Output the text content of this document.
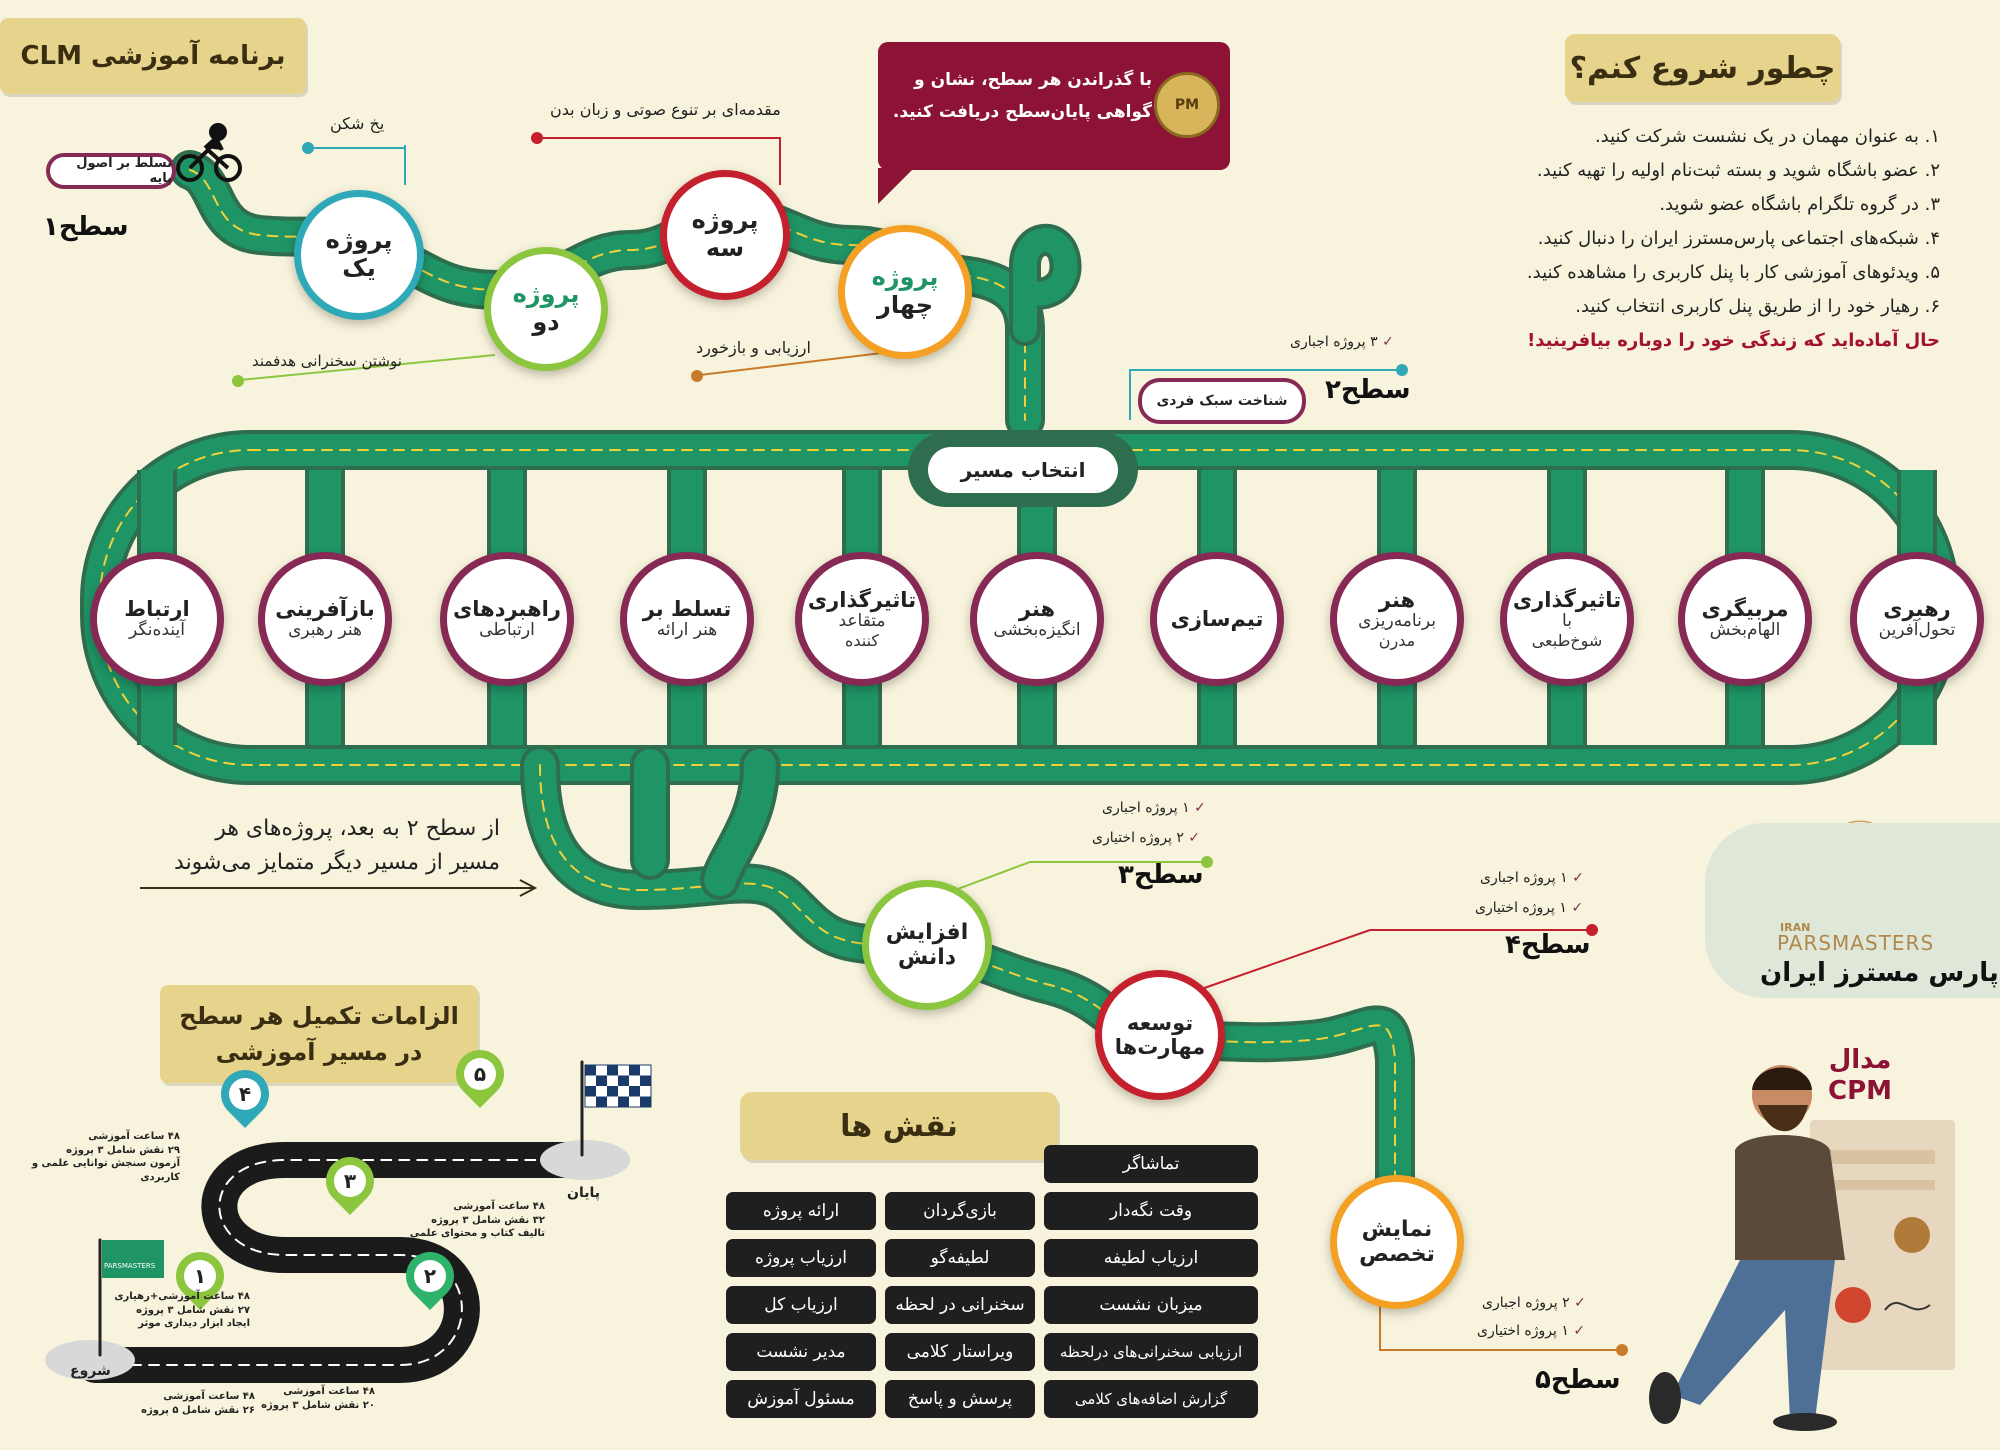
برنامه آموزشی CLM
تسلط بر اصول پایه
سطح۱	پروژه
یک
یخ شکن
پروژه
دو
نوشتن سخنرانی هدفمند
پروژه
سه
مقدمه‌ای بر تنوع صوتی و زبان بدن
پروژه
چهار
ارزیابی و بازخورد
با گذراندن هر سطح، نشان و
گواهی پایان‌سطح دریافت کنید. PM
✓ ۳ پروژه اجباری
شناخت سبک فردی	سطح۲
انتخاب مسیر
رهبری
تحول‌آفرین
مربیگری
الهام‌بخش
تاثیرگذاری
با
شوخ‌طبعی
هنر
برنامه‌ریزی
مدرن
تیم‌سازی
هنر
انگیزه‌بخشی
تاثیرگذاری
متقاعد
کننده
تسلط بر
هنر ارائه
راهبردهای
ارتباطی
بازآفرینی
هنر رهبری
ارتباط
آینده‌نگر
از سطح ۲ به بعد، پروژه‌های هر
مسیر از مسیر دیگر متمایز می‌شوند
✓ ۱ پروژه اجباری
✓ ۲ پروژه اختیاری
سطح۳
افزایش
دانش
✓ ۱ پروژه اجباری
✓ ۱ پروژه اختیاری
سطح۴
توسعه
مهارت‌ها
✓ ۲ پروژه اجباری
✓ ۱ پروژه اختیاری
سطح۵
نمایش
تخصص
چطور شروع کنم؟
۱. به عنوان مهمان در یک نشست شرکت کنید.
۲. عضو باشگاه شوید و بسته ثبت‌نام اولیه را تهیه کنید.
۳. در گروه تلگرام باشگاه عضو شوید.
۴. شبکه‌های اجتماعی پارس‌مسترز ایران را دنبال کنید.
۵. ویدئوهای آموزشی کار با پنل کاربری را مشاهده کنید.
۶. رهیار خود را از طریق پنل کاربری انتخاب کنید.
حال آماده‌اید که زندگی خود را دوباره بیافرینید!
IRAN
PARSMASTERS
پارس مسترز ایران
مدال
CPM
الزامات تکمیل هر سطح
در مسیر آموزشی
شروع
پایان
PARSMASTERS	۱
۴۸ ساعت آموزشی
۲۶ نقش شامل ۵ پروژه
۲
۴۸ ساعت آموزشی
۲۰ نقش شامل ۳ پروژه
۳
۴۸ ساعت آموزشی+رهیاری
۲۷ نقش شامل ۳ پروژه
ایجاد ابزار دیداری موثر
۴
۴۸ ساعت آموزشی
۲۹ نقش شامل ۳ پروژه
آزمون سنجش توانایی علمی و کاربردی
۵
۴۸ ساعت آموزشی
۳۲ نقش شامل ۳ پروژه
تالیف کتاب و محتوای علمی
نقش ها
تماشاگر
وقت نگه‌دار
ارزیاب لطیفه
میزبان نشست
ارزیابی سخنرانی‌های درلحظه
گزارش اضافه‌های کلامی
بازی‌گردان
لطیفه‌گو
سخنرانی در لحظه
ویراستار کلامی
پرسش و پاسخ
ارائه پروژه
ارزیاب پروژه
ارزیاب کل
مدیر نشست
مسئول آموزش
